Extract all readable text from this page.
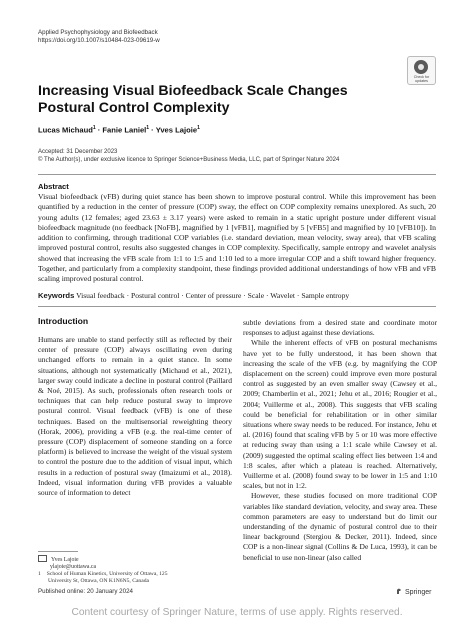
Applied Psychophysiology and Biofeedback
https://doi.org/10.1007/s10484-023-09619-w
Check for updates
Increasing Visual Biofeedback Scale Changes Postural Control Complexity
Lucas Michaud$^1$ · Fanie Laniel$^1$ · Yves Lajoie$^1$
Accepted: 31 December 2023
© The Author(s), under exclusive licence to Springer Science+Business Media, LLC, part of Springer Nature 2024
Abstract

Visual biofeedback (vFB) during quiet stance has been shown to improve postural control. While this improvement has been quantified by a reduction in the center of pressure (COP) sway, the effect on COP complexity remains unexplored. As such, 20 young adults (12 females; aged 23.63 ± 3.17 years) were asked to remain in a static upright posture under different visual biofeedback magnitude (no feedback [NoFB], magnified by 1 [vFB1], magnified by 5 [vFB5] and magnified by 10 [vFB10]). In addition to confirming, through traditional COP variables (i.e. standard deviation, mean velocity, sway area), that vFB scaling improved postural control, results also suggested changes in COP complexity. Specifically, sample entropy and wavelet analysis showed that increasing the vFB scale from 1:1 to 1:5 and 1:10 led to a more irregular COP and a shift toward higher frequency. Together, and particularly from a complexity standpoint, these findings provided additional understandings of how vFB and vFB scaling improved postural control.

Keywords Visual feedback · Postural control · Center of pressure · Scale · Wavelet · Sample entropy
Introduction

Humans are unable to stand perfectly still as reflected by their center of pressure (COP) always oscillating even during unchanged efforts to remain in a quiet stance. In some situations, although not systematically (Michaud et al., 2021), larger sway could indicate a decline in postural control (Paillard & Noé, 2015). As such, professionals often research tools or techniques that can help reduce postural sway to improve postural control. Visual feedback (vFB) is one of these techniques. Based on the multisensorial reweighting theory (Horak, 2006), providing a vFB (e.g. the real-time center of pressure (COP) displacement of someone standing on a force platform) is believed to increase the weight of the visual system to control the posture due to the addition of visual input, which results in a reduction of postural sway (Imaizumi et al., 2018). Indeed, visual information during vFB provides a valuable source of information to detect

subtle deviations from a desired state and coordinate motor responses to adjust against these deviations.

While the inherent effects of vFB on postural mechanisms have yet to be fully understood, it has been shown that increasing the scale of the vFB (e.g. by magnifying the COP displacement on the screen) could improve even more postural control as suggested by an even smaller sway (Cawsey et al., 2009; Chamberlin et al., 2021; Jehu et al., 2016; Rougier et al., 2004; Vuillerme et al., 2008). This suggests that vFB scaling could be beneficial for rehabilitation or in other similar situations where sway needs to be reduced. For instance, Jehu et al. (2016) found that scaling vFB by 5 or 10 was more effective at reducing sway than using a 1:1 scale while Cawsey et al. (2009) suggested the optimal scaling effect lies between 1:4 and 1:8 scales, after which a plateau is reached. Alternatively, Vuillerme et al. (2008) found sway to be lower in 1:5 and 1:10 scales, but not in 1:2.

However, these studies focused on more traditional COP variables like standard deviation, velocity, and sway area. These common parameters are easy to understand but do limit our understanding of the dynamic of postural control due to their linear background (Stergiou & Decker, 2011). Indeed, since COP is a non-linear signal (Collins & De Luca, 1993), it can be beneficial to use non-linear (also called

Yves Lajoie
ylajoie@uottawa.ca
Published online: 20 January 2024	Springer
Content courtesy of Springer Nature, terms of use apply. Rights reserved.
1 School of Human Kinetics, University of Ottawa, 125
University St, Ottawa, ON K1N6N5, Canada
